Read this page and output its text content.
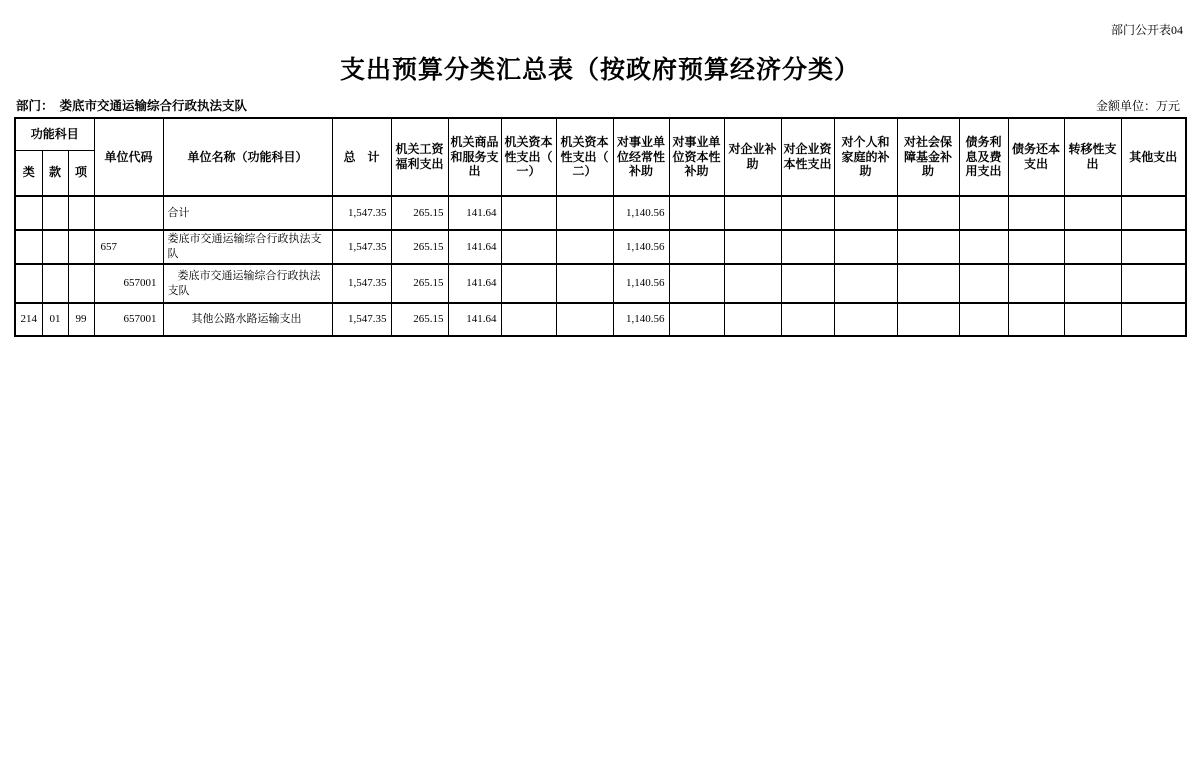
部门公开表04
支出预算分类汇总表（按政府预算经济分类）
部门： 娄底市交通运输综合行政执法支队	金额单位：万元
功能科目			单位代码	单位名称（功能科目）	总　计	机关工资福利支出	机关商品和服务支出	机关资本性支出（一）	机关资本性支出（二）	对事业单位经常性补助	对事业单位资本性补助	对企业补助	对企业资本性支出	对个人和家庭的补助	对社会保障基金补助	债务利息及费用支出	债务还本支出	转移性支出	其他支出
类	款	项																	
				合计	1,547.35	265.15	141.64			1,140.56									
			657	娄底市交通运输综合行政执法支队	1,547.35	265.15	141.64			1,140.56									
			657001	娄底市交通运输综合行政执法支队	1,547.35	265.15	141.64			1,140.56									
214	01	99	657001	其他公路水路运输支出	1,547.35	265.15	141.64			1,140.56									
